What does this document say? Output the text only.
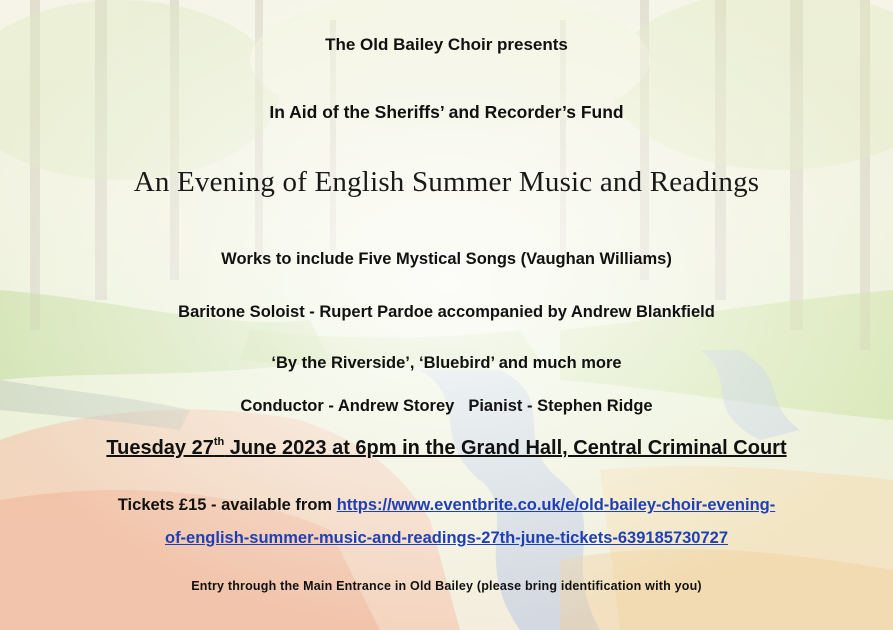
The Old Bailey Choir presents
In Aid of the Sheriffs’ and Recorder’s Fund
An Evening of English Summer Music and Readings
Works to include Five Mystical Songs (Vaughan Williams)
Baritone Soloist - Rupert Pardoe accompanied by Andrew Blankfield
‘By the Riverside’, ‘Bluebird’ and much more
Conductor - Andrew Storey Pianist - Stephen Ridge
Tuesday 27th June 2023 at 6pm in the Grand Hall, Central Criminal Court
Tickets £15 - available from https://www.eventbrite.co.uk/e/old-bailey-choir-evening-
of-english-summer-music-and-readings-27th-june-tickets-639185730727
Entry through the Main Entrance in Old Bailey (please bring identification with you)
